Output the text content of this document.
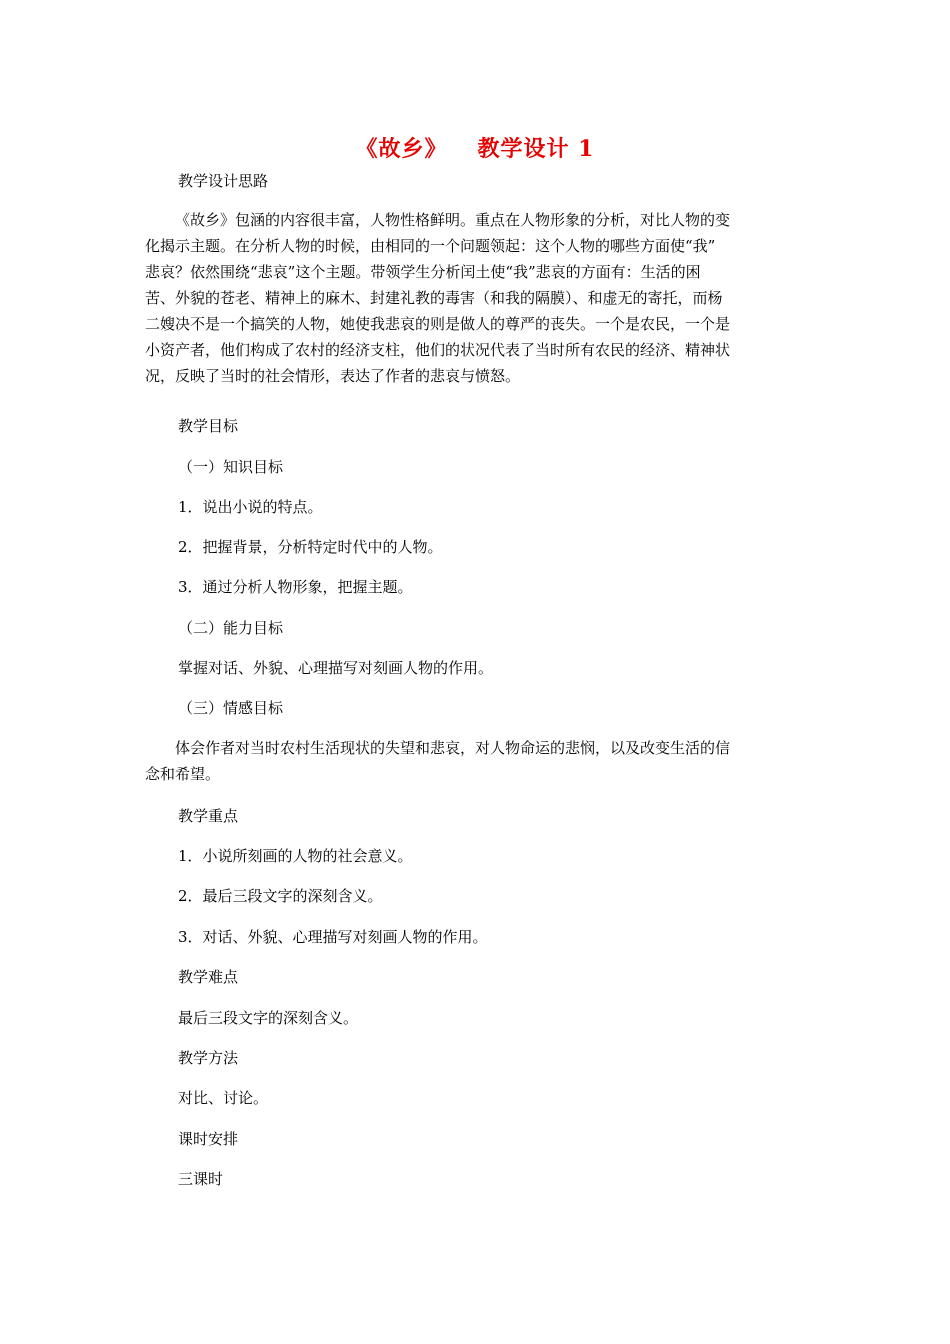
《故乡》 教学设计 1
教学设计思路
《故乡》包涵的内容很丰富，人物性格鲜明。重点在人物形象的分析，对比人物的变
化揭示主题。在分析人物的时候，由相同的一个问题领起：这个人物的哪些方面使“我”
悲哀？依然围绕“悲哀”这个主题。带领学生分析闰土使“我”悲哀的方面有：生活的困
苦、外貌的苍老、精神上的麻木、封建礼教的毒害（和我的隔膜）、和虚无的寄托，而杨
二嫂决不是一个搞笑的人物，她使我悲哀的则是做人的尊严的丧失。一个是农民，一个是
小资产者，他们构成了农村的经济支柱，他们的状况代表了当时所有农民的经济、精神状
况，反映了当时的社会情形，表达了作者的悲哀与愤怒。
教学目标
（一）知识目标
1．说出小说的特点。
2．把握背景，分析特定时代中的人物。
3．通过分析人物形象，把握主题。
（二）能力目标
掌握对话、外貌、心理描写对刻画人物的作用。
（三）情感目标
体会作者对当时农村生活现状的失望和悲哀，对人物命运的悲悯，以及改变生活的信
念和希望。
教学重点
1．小说所刻画的人物的社会意义。
2．最后三段文字的深刻含义。
3．对话、外貌、心理描写对刻画人物的作用。
教学难点
最后三段文字的深刻含义。
教学方法
对比、讨论。
课时安排
三课时
